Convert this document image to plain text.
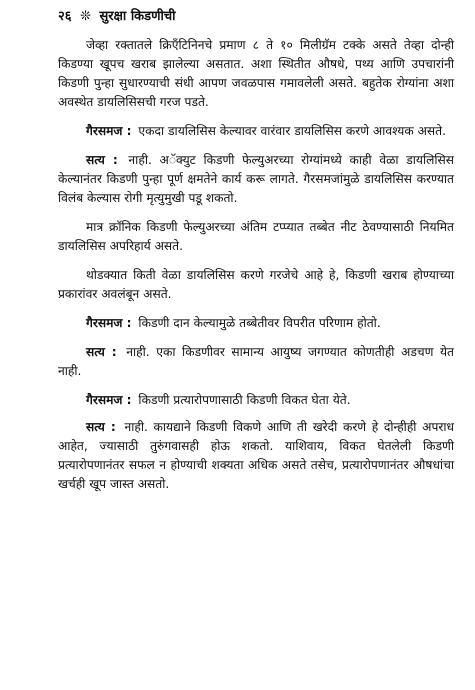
२६ ❊ सुरक्षा किडणीची

जेव्हा रक्तातले क्रिएँटिनिनचे प्रमाण ८ ते १० मिलीग्रॅम टक्के असते तेव्हा दोन्ही किडण्या खूपच खराब झालेल्या असतात. अशा स्थितीत औषधे, पथ्य आणि उपचारांनी किडणी पुन्हा सुधारण्याची संधी आपण जवळपास गमावलेली असते. बहुतेक रोग्यांना अशा अवस्थेत डायलिसिसची गरज पडते.

गैरसमज : एकदा डायलिसिस केल्यावर वारंवार डायलिसिस करणे आवश्यक असते.

सत्य : नाही. अॅक्युट किडणी फेल्युअरच्या रोग्यांमध्ये काही वेळा डायलिसिस केल्यानंतर किडणी पुन्हा पूर्ण क्षमतेने कार्य करू लागते. गैरसमजांमुळे डायलिसिस करण्यात विलंब केल्यास रोगी मृत्युमुखी पडू शकतो.

मात्र क्रॉनिक किडणी फेल्युअरच्या अंतिम टप्प्यात तब्बेत नीट ठेवण्यासाठी नियमित डायलिसिस अपरिहार्य असते.

थोडक्यात किती वेळा डायलिसिस करणे गरजेचे आहे हे, किडणी खराब होण्याच्या प्रकारांवर अवलंबून असते.

गैरसमज : किडणी दान केल्यामुळे तब्बेतीवर विपरीत परिणाम होतो.

सत्य : नाही. एका किडणीवर सामान्य आयुष्य जगण्यात कोणतीही अडचण येत नाही.

गैरसमज : किडणी प्रत्यारोपणासाठी किडणी विकत घेता येते.

सत्य : नाही. कायद्याने किडणी विकणे आणि ती खरेदी करणे हे दोन्हीही अपराध आहेत, ज्यासाठी तुरुंगवासही होऊ शकतो. याशिवाय, विकत घेतलेली किडणी प्रत्यारोपणानंतर सफल न होण्याची शक्यता अधिक असते तसेच, प्रत्यारोपणानंतर औषधांचा खर्चही खूप जास्त असतो.
